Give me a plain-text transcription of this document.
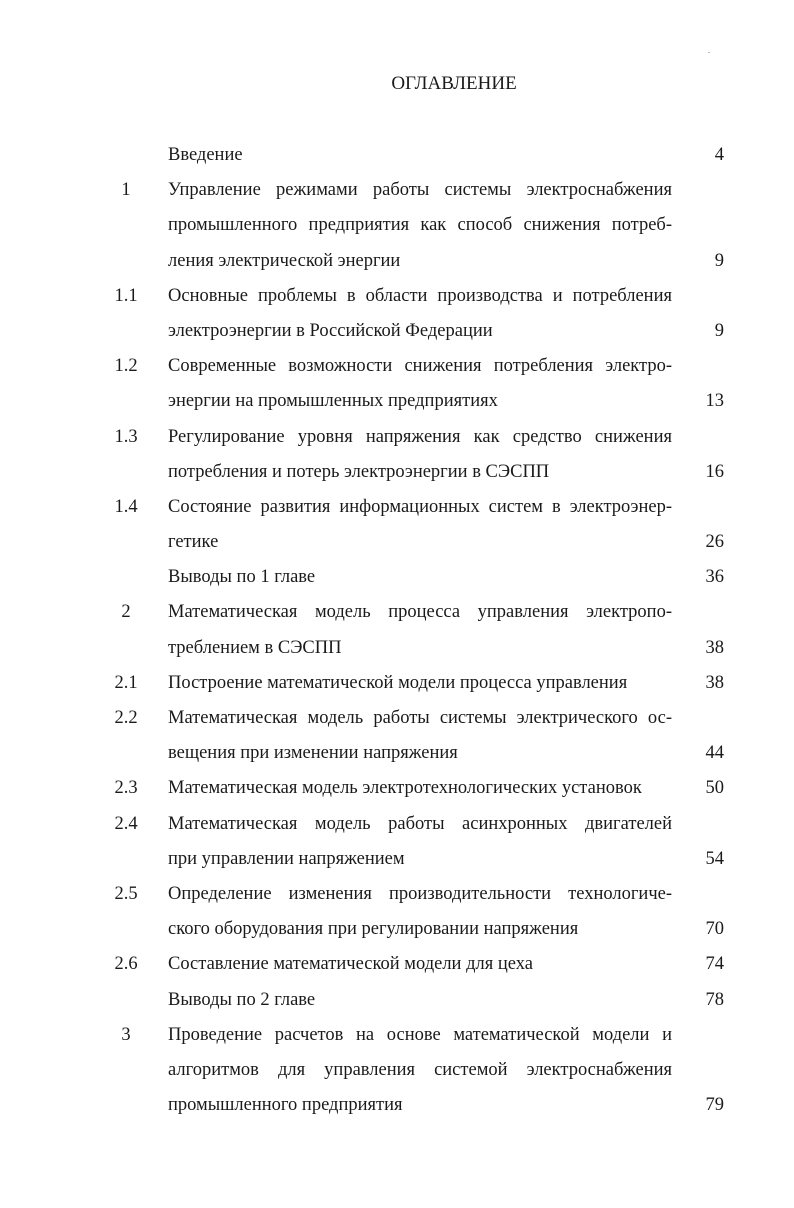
ОГЛАВЛЕНИЕ
Введение	4
1	Управление режимами работы системы электроснабжения
промышленного предприятия как способ снижения потреб-
ления электрической энергии	9
1.1	Основные проблемы в области производства и потребления
электроэнергии в Российской Федерации	9
1.2	Современные возможности снижения потребления электро-
энергии на промышленных предприятиях	13
1.3	Регулирование уровня напряжения как средство снижения
потребления и потерь электроэнергии в СЭСПП	16
1.4	Состояние развития информационных систем в электроэнер-
гетике	26
Выводы по 1 главе	36
2	Математическая модель процесса управления электропо-
треблением в СЭСПП	38
2.1	Построение математической модели процесса управления	38
2.2	Математическая модель работы системы электрического ос-
вещения при изменении напряжения	44
2.3	Математическая модель электротехнологических установок	50
2.4	Математическая модель работы асинхронных двигателей
при управлении напряжением	54
2.5	Определение изменения производительности технологиче-
ского оборудования при регулировании напряжения	70
2.6	Составление математической модели для цеха	74
Выводы по 2 главе	78
3	Проведение расчетов на основе математической модели и
алгоритмов для управления системой электроснабжения
промышленного предприятия	79
